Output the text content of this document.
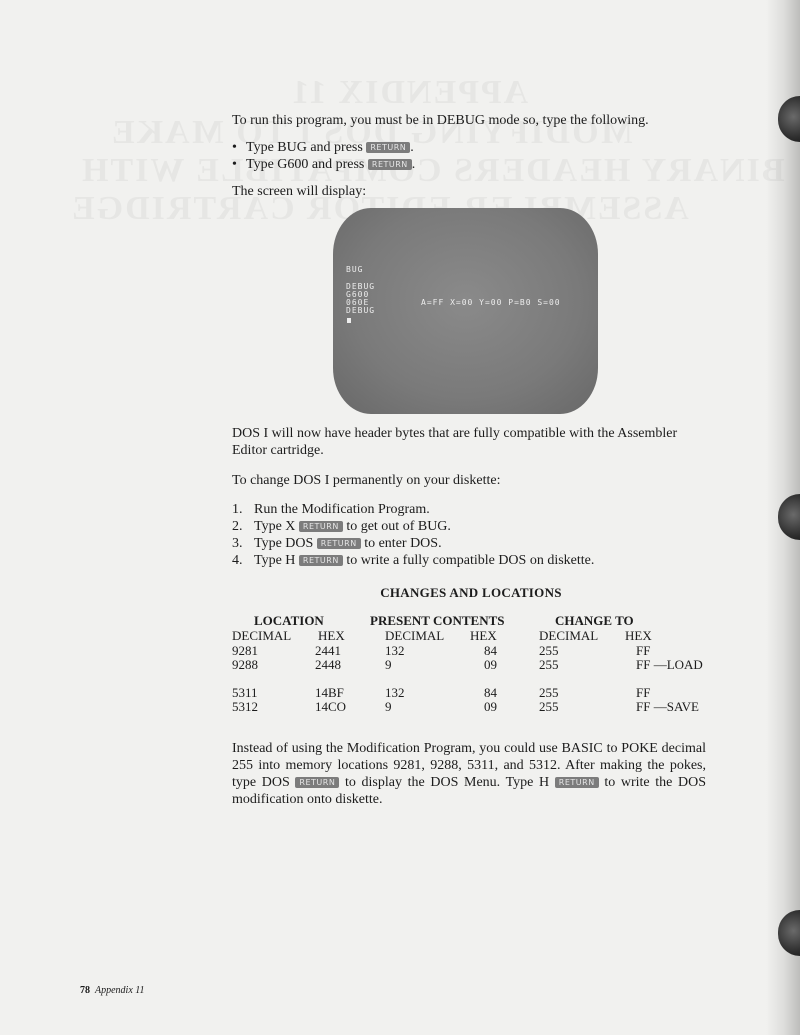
To run this program, you must be in DEBUG mode so, type the following.

• Type BUG and press RETURN .
• Type G600 and press RETURN .

The screen will display:

BUG
DEBUG
G600
060E
DEBUG
A=FF X=00 Y=00 P=B0 S=00

DOS I will now have header bytes that are fully compatible with the Assembler Editor cartridge.

To change DOS I permanently on your diskette:

1. Run the Modification Program.
2. Type X RETURN to get out of BUG.
3. Type DOS RETURN to enter DOS.
4. Type H RETURN to write a fully compatible DOS on diskette.
CHANGES AND LOCATIONS
LOCATION	PRESENT CONTENTS	CHANGE TO
DECIMAL HEX	DECIMAL HEX	DECIMAL HEX
9281	2441	132	84	255	FF
9288	2448	9	09	255	FF —LOAD
5311	14BF	132	84	255	FF
5312	14CO	9	09	255	FF —SAVE
Instead of using the Modification Program, you could use BASIC to POKE decimal 255 into memory locations 9281, 9288, 5311, and 5312. After making the pokes, type DOS RETURN to display the DOS Menu. Type H RETURN to write the DOS modification onto diskette.
78 Appendix 11
